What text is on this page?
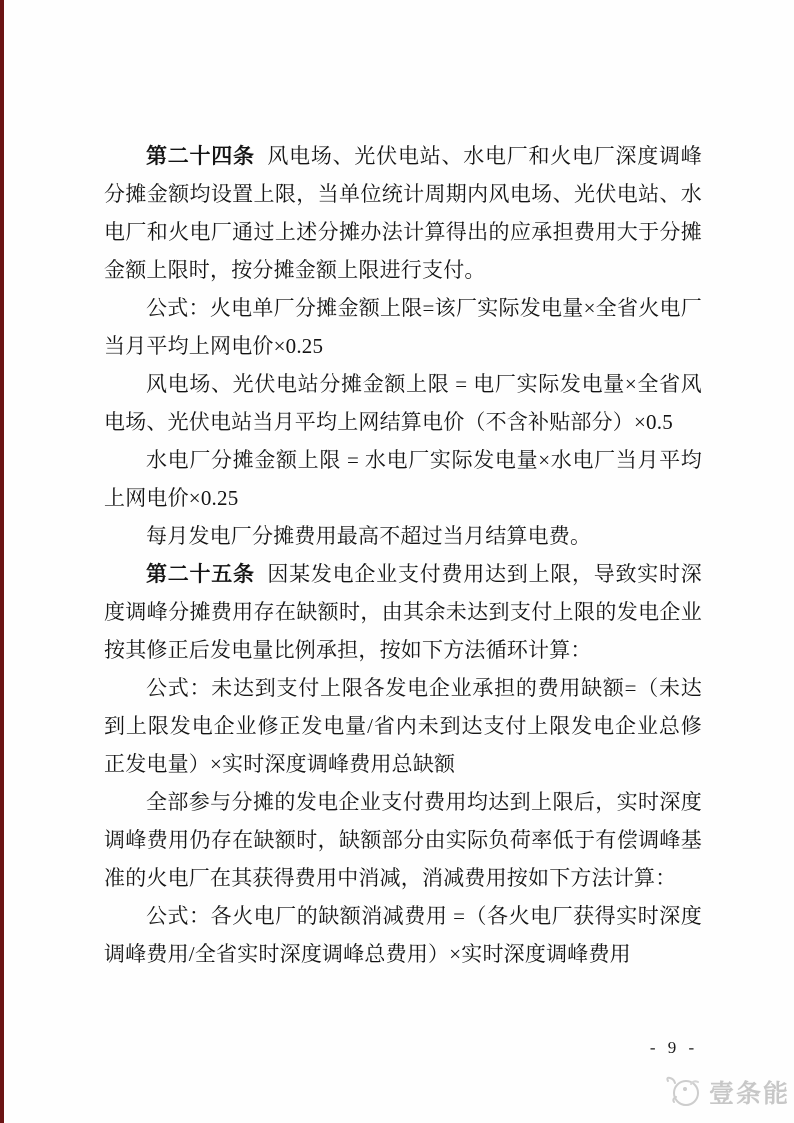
第二十四条 风电场、光伏电站、水电厂和火电厂深度调峰分摊金额均设置上限，当单位统计周期内风电场、光伏电站、水电厂和火电厂通过上述分摊办法计算得出的应承担费用大于分摊金额上限时，按分摊金额上限进行支付。

公式：火电单厂分摊金额上限=该厂实际发电量×全省火电厂当月平均上网电价×0.25

风电场、光伏电站分摊金额上限 = 电厂实际发电量×全省风电场、光伏电站当月平均上网结算电价（不含补贴部分）×0.5

水电厂分摊金额上限 = 水电厂实际发电量×水电厂当月平均上网电价×0.25

每月发电厂分摊费用最高不超过当月结算电费。

第二十五条 因某发电企业支付费用达到上限，导致实时深度调峰分摊费用存在缺额时，由其余未达到支付上限的发电企业按其修正后发电量比例承担，按如下方法循环计算：

公式：未达到支付上限各发电企业承担的费用缺额=（未达到上限发电企业修正发电量/省内未到达支付上限发电企业总修正发电量）×实时深度调峰费用总缺额

全部参与分摊的发电企业支付费用均达到上限后，实时深度调峰费用仍存在缺额时，缺额部分由实际负荷率低于有偿调峰基准的火电厂在其获得费用中消减，消减费用按如下方法计算：

公式：各火电厂的缺额消减费用 =（各火电厂获得实时深度调峰费用/全省实时深度调峰总费用）×实时深度调峰费用

- 9 -
壹条能
